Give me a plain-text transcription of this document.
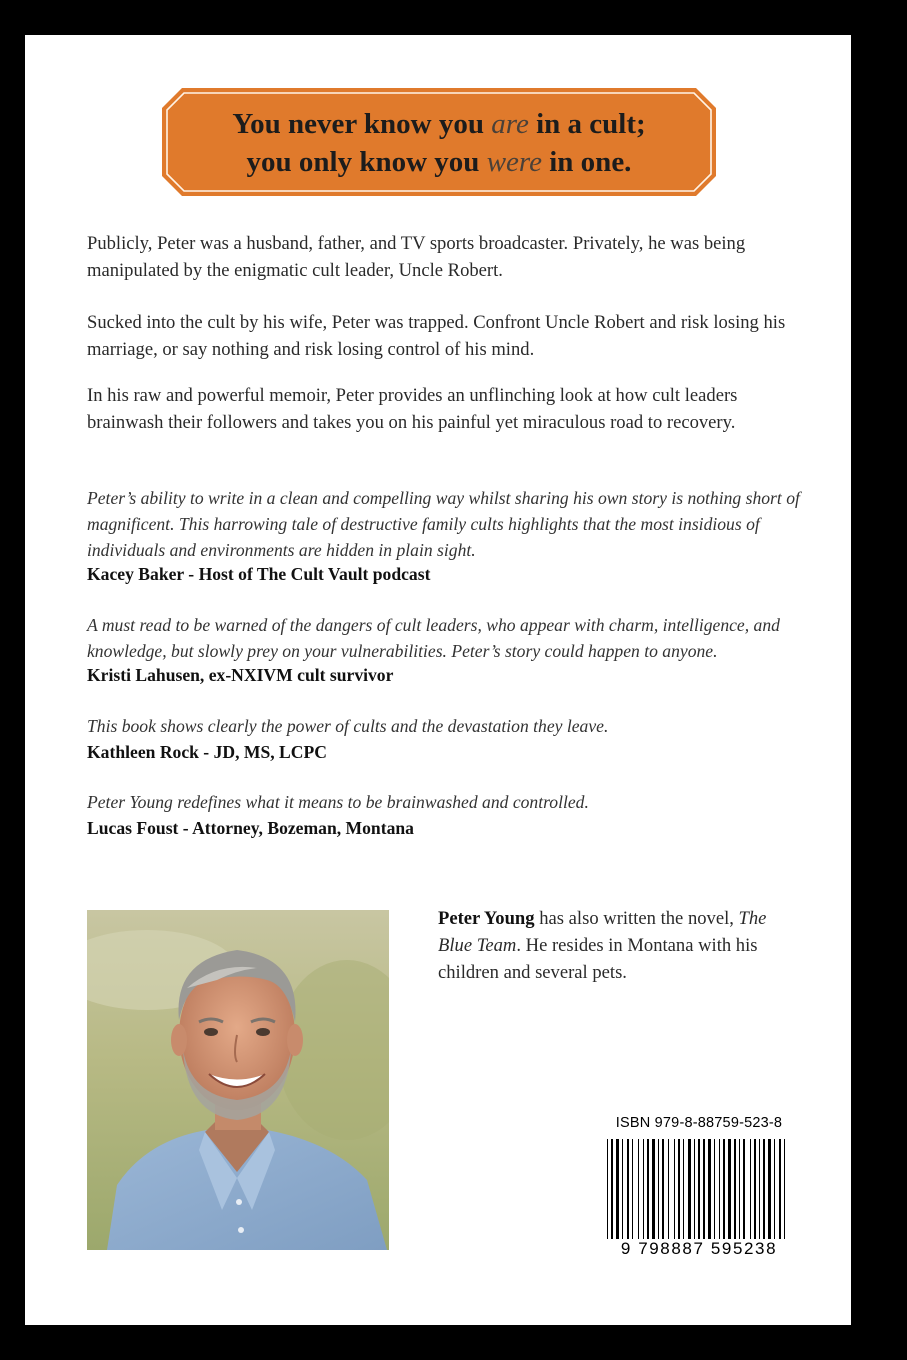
You never know you are in a cult;
you only know you were in one.

Publicly, Peter was a husband, father, and TV sports broadcaster. Privately, he was being manipulated by the enigmatic cult leader, Uncle Robert.

Sucked into the cult by his wife, Peter was trapped. Confront Uncle Robert and risk losing his marriage, or say nothing and risk losing control of his mind.

In his raw and powerful memoir, Peter provides an unflinching look at how cult leaders brainwash their followers and takes you on his painful yet miraculous road to recovery.

Peter’s ability to write in a clean and compelling way whilst sharing his own story is nothing short of magnificent. This harrowing tale of destructive family cults highlights that the most insidious of individuals and environments are hidden in plain sight.

Kacey Baker - Host of The Cult Vault podcast

A must read to be warned of the dangers of cult leaders, who appear with charm, intelligence, and knowledge, but slowly prey on your vulnerabilities. Peter’s story could happen to anyone.

Kristi Lahusen, ex-NXIVM cult survivor

This book shows clearly the power of cults and the devastation they leave.

Kathleen Rock - JD, MS, LCPC

Peter Young redefines what it means to be brainwashed and controlled.

Lucas Foust - Attorney, Bozeman, Montana

Peter Young has also written the novel, The Blue Team. He resides in Montana with his children and several pets.

ISBN 979-8-88759-523-8
9 798887 595238
